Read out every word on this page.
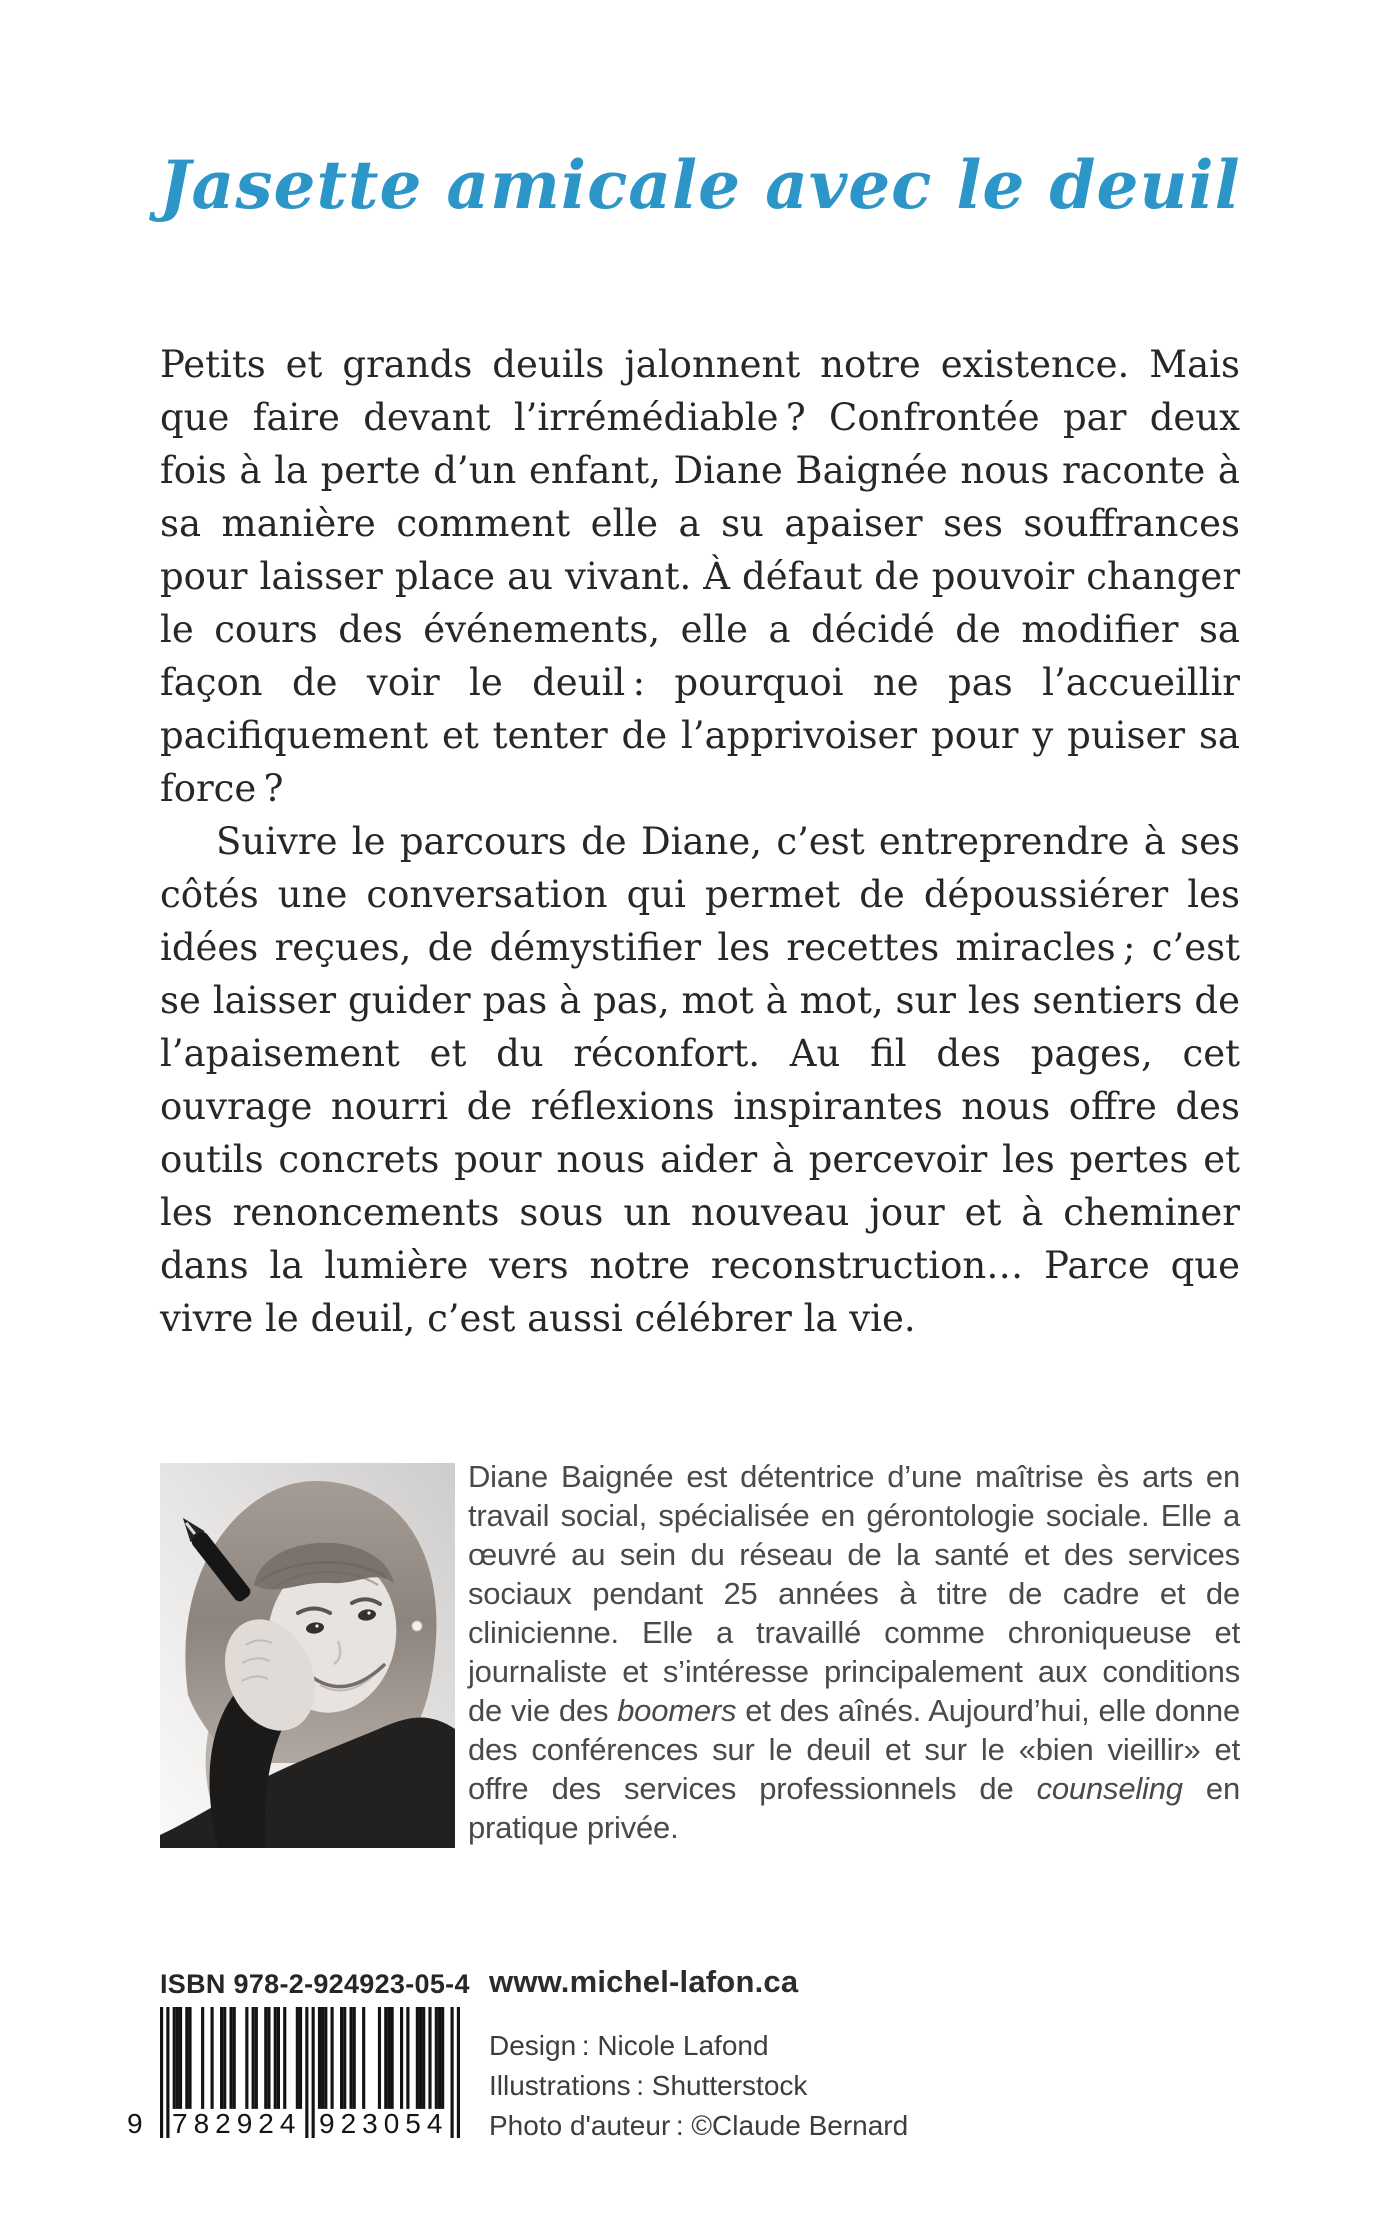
Jasette amicale avec le deuil

Petits et grands deuils jalonnent notre existence. Mais que faire devant l’irrémédiable ? Confrontée par deux fois à la perte d’un enfant, Diane Baignée nous raconte à sa manière comment elle a su apaiser ses souffrances pour laisser place au vivant. À défaut de pouvoir changer le cours des événements, elle a décidé de modifier sa façon de voir le deuil : pourquoi ne pas l’accueillir pacifiquement et tenter de l’apprivoiser pour y puiser sa force ?

Suivre le parcours de Diane, c’est entreprendre à ses côtés une conversation qui permet de dépoussiérer les idées reçues, de démystifier les recettes miracles ; c’est se laisser guider pas à pas, mot à mot, sur les sentiers de l’apaisement et du réconfort. Au fil des pages, cet ouvrage nourri de réflexions inspirantes nous offre des outils concrets pour nous aider à percevoir les pertes et les renoncements sous un nouveau jour et à cheminer dans la lumière vers notre reconstruction… Parce que vivre le deuil, c’est aussi célébrer la vie.

Diane Baignée est détentrice d’une maîtrise ès arts en travail social, spécialisée en gérontologie sociale. Elle a œuvré au sein du réseau de la santé et des services sociaux pendant 25 années à titre de cadre et de clinicienne. Elle a travaillé comme chroniqueuse et journaliste et s’intéresse principalement aux conditions de vie des boomers et des aînés. Aujourd’hui, elle donne des conférences sur le deuil et sur le «bien vieillir» et offre des services professionnels de counseling en pratique privée.
ISBN 978-2-924923-05-4
9 782924 923054
www.michel-lafon.ca
Design : Nicole Lafond
Illustrations : Shutterstock
Photo d'auteur : ©Claude Bernard
